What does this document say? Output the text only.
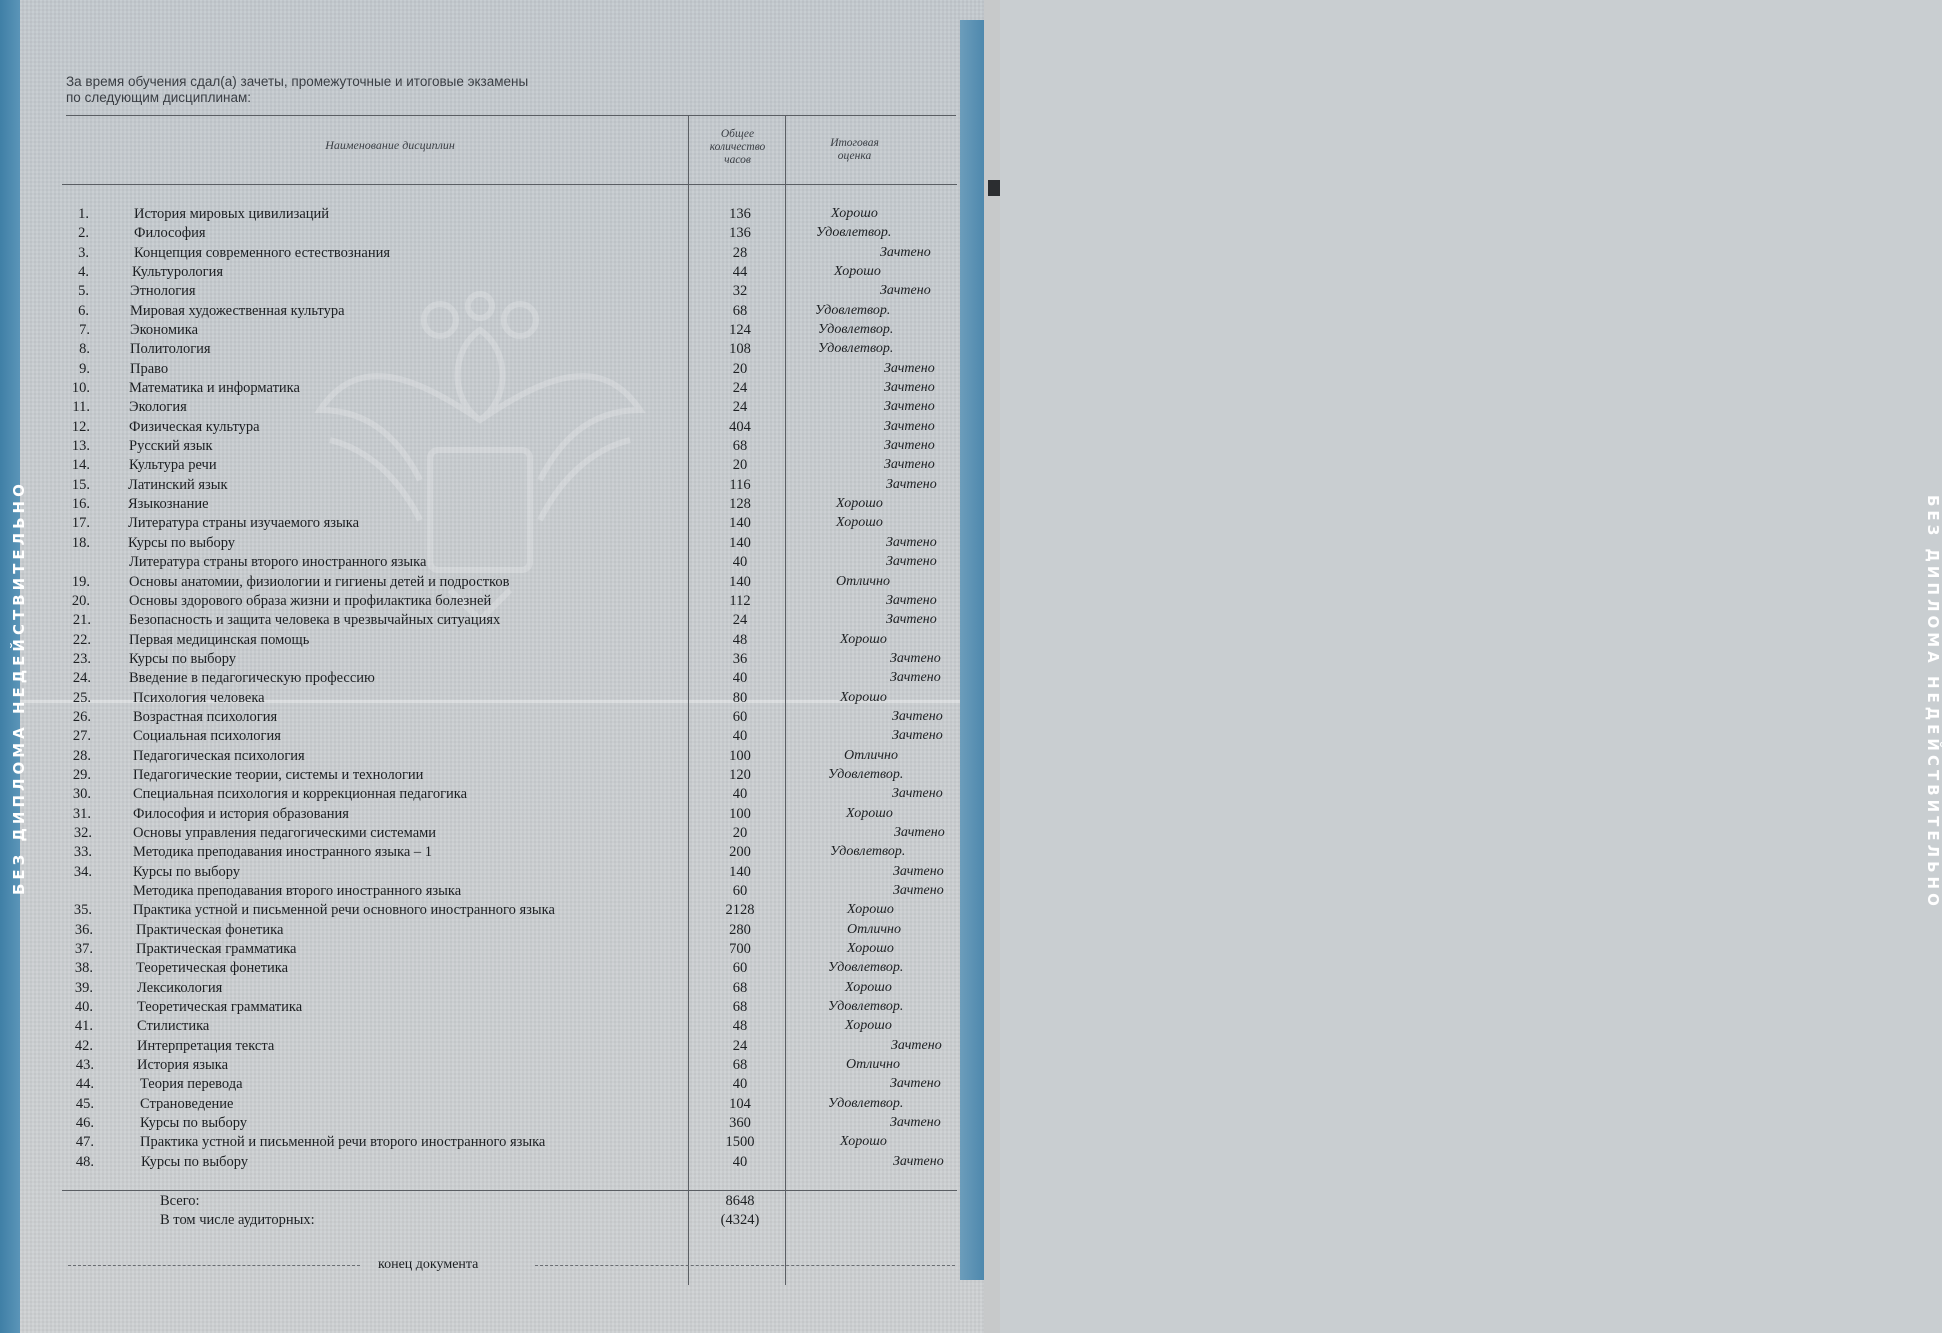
БЕЗ ДИПЛОМА НЕДЕЙСТВИТЕЛЬНО	БЕЗ ДИПЛОМА НЕДЕЙСТВИТЕЛЬНО
За время обучения сдал(а) зачеты, промежуточные и итоговые экзамены
по следующим дисциплинам:
Наименование дисциплин
Общее
количество
часов
Итоговая
оценка
1.	История мировых цивилизаций	136	Хорошо
2.	Философия	136	Удовлетвор.
3.	Концепция современного естествознания	28	Зачтено
4.	Культурология	44	Хорошо
5.	Этнология	32	Зачтено
6.	Мировая художественная культура	68	Удовлетвор.
7.	Экономика	124	Удовлетвор.
8.	Политология	108	Удовлетвор.
9.	Право	20	Зачтено
10.	Математика и информатика	24	Зачтено
11.	Экология	24	Зачтено
12.	Физическая культура	404	Зачтено
13.	Русский язык	68	Зачтено
14.	Культура речи	20	Зачтено
15.	Латинский язык	116	Зачтено
16.	Языкознание	128	Хорошо
17.	Литература страны изучаемого языка	140	Хорошо
18.	Курсы по выбору	140	Зачтено
Литература страны второго иностранного языка	40	Зачтено
19.	Основы анатомии, физиологии и гигиены детей и подростков	140	Отлично
20.	Основы здорового образа жизни и профилактика болезней	112	Зачтено
21.	Безопасность и защита человека в чрезвычайных ситуациях	24	Зачтено
22.	Первая медицинская помощь	48	Хорошо
23.	Курсы по выбору	36	Зачтено
24.	Введение в педагогическую профессию	40	Зачтено
25.	Психология человека	80	Хорошо
26.	Возрастная психология	60	Зачтено
27.	Социальная психология	40	Зачтено
28.	Педагогическая психология	100	Отлично
29.	Педагогические теории, системы и технологии	120	Удовлетвор.
30.	Специальная психология и коррекционная педагогика	40	Зачтено
31.	Философия и история образования	100	Хорошо
32.	Основы управления педагогическими системами	20	Зачтено
33.	Методика преподавания иностранного языка – 1	200	Удовлетвор.
34.	Курсы по выбору	140	Зачтено
Методика преподавания второго иностранного языка	60	Зачтено
35.	Практика устной и письменной речи основного иностранного языка	2128	Хорошо
36.	Практическая фонетика	280	Отлично
37.	Практическая грамматика	700	Хорошо
38.	Теоретическая фонетика	60	Удовлетвор.
39.	Лексикология	68	Хорошо
40.	Теоретическая грамматика	68	Удовлетвор.
41.	Стилистика	48	Хорошо
42.	Интерпретация текста	24	Зачтено
43.	История языка	68	Отлично
44.	Теория перевода	40	Зачтено
45.	Страноведение	104	Удовлетвор.
46.	Курсы по выбору	360	Зачтено
47.	Практика устной и письменной речи второго иностранного языка	1500	Хорошо
48.	Курсы по выбору	40	Зачтено
Всего:	8648
В том числе аудиторных:	(4324)
конец документа
